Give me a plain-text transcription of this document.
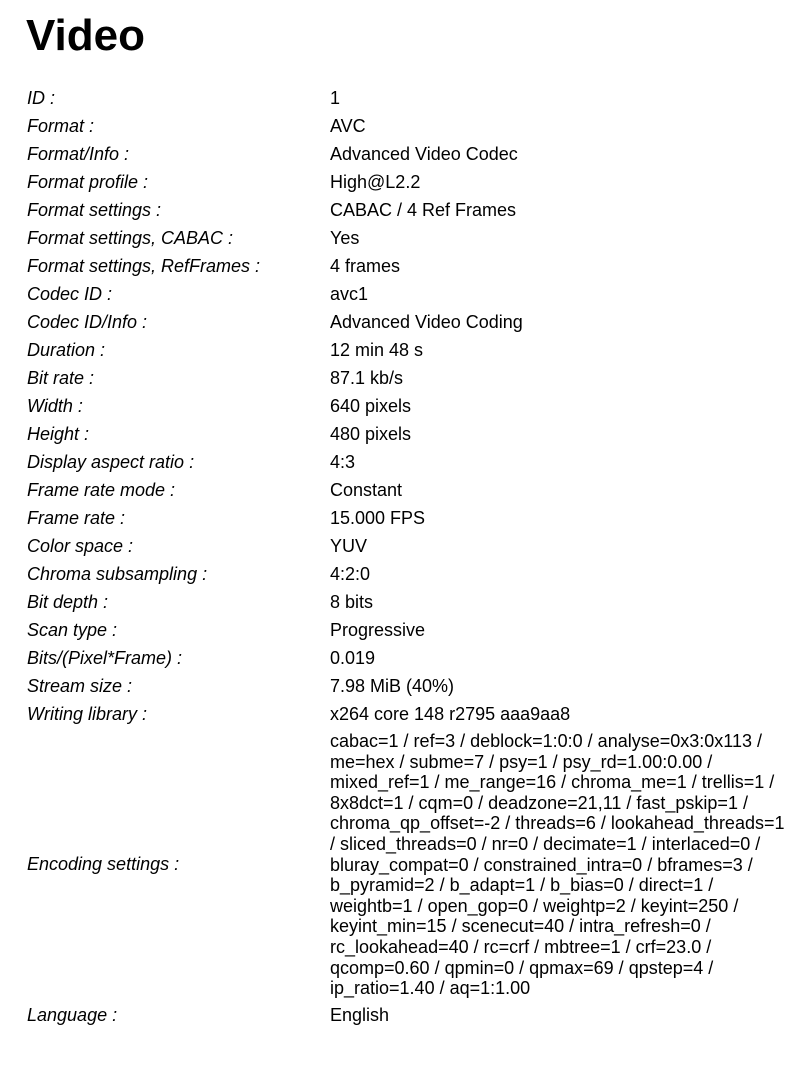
Video
ID :	1
Format :	AVC
Format/Info :	Advanced Video Codec
Format profile :	High@L2.2
Format settings :	CABAC / 4 Ref Frames
Format settings, CABAC :	Yes
Format settings, RefFrames :	4 frames
Codec ID :	avc1
Codec ID/Info :	Advanced Video Coding
Duration :	12 min 48 s
Bit rate :	87.1 kb/s
Width :	640 pixels
Height :	480 pixels
Display aspect ratio :	4:3
Frame rate mode :	Constant
Frame rate :	15.000 FPS
Color space :	YUV
Chroma subsampling :	4:2:0
Bit depth :	8 bits
Scan type :	Progressive
Bits/(Pixel*Frame) :	0.019
Stream size :	7.98 MiB (40%)
Writing library :	x264 core 148 r2795 aaa9aa8
Encoding settings :	cabac=1 / ref=3 / deblock=1:0:0 / analyse=0x3:0x113 / me=hex / subme=7 / psy=1 / psy_rd=1.00:0.00 / mixed_ref=1 / me_range=16 / chroma_me=1 / trellis=1 / 8x8dct=1 / cqm=0 / deadzone=21,11 / fast_pskip=1 / chroma_qp_offset=-2 / threads=6 / lookahead_threads=1 / sliced_threads=0 / nr=0 / decimate=1 / interlaced=0 / bluray_compat=0 / constrained_intra=0 / bframes=3 / b_pyramid=2 / b_adapt=1 / b_bias=0 / direct=1 / weightb=1 / open_gop=0 / weightp=2 / keyint=250 / keyint_min=15 / scenecut=40 / intra_refresh=0 / rc_lookahead=40 / rc=crf / mbtree=1 / crf=23.0 / qcomp=0.60 / qpmin=0 / qpmax=69 / qpstep=4 / ip_ratio=1.40 / aq=1:1.00
Language :	English
